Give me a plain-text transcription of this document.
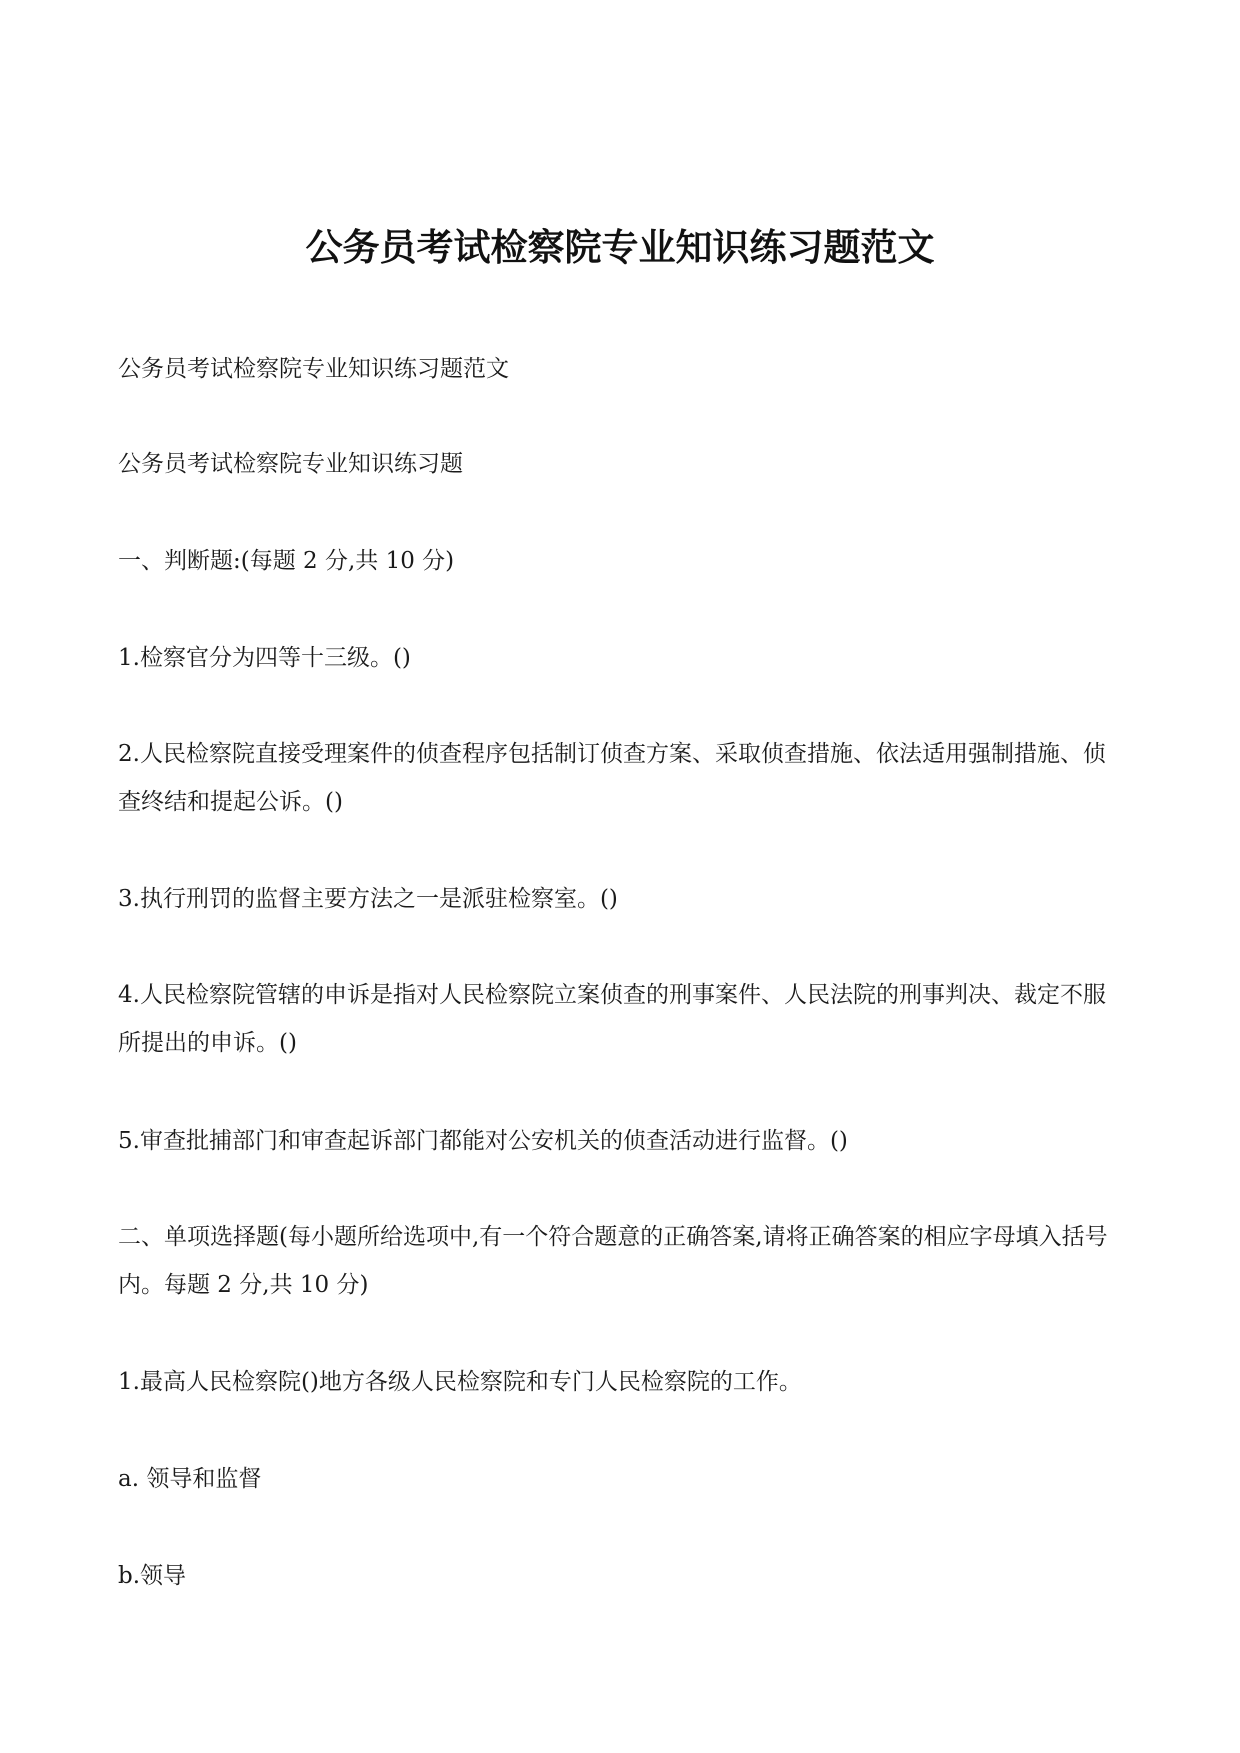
公务员考试检察院专业知识练习题范文

公务员考试检察院专业知识练习题范文

公务员考试检察院专业知识练习题

一、判断题:(每题 2 分,共 10 分)

1.检察官分为四等十三级。()

2.人民检察院直接受理案件的侦查程序包括制订侦查方案、采取侦查措施、依法适用强制措施、侦查终结和提起公诉。()

3.执行刑罚的监督主要方法之一是派驻检察室。()

4.人民检察院管辖的申诉是指对人民检察院立案侦查的刑事案件、人民法院的刑事判决、裁定不服所提出的申诉。()

5.审查批捕部门和审查起诉部门都能对公安机关的侦查活动进行监督。()

二、单项选择题(每小题所给选项中,有一个符合题意的正确答案,请将正确答案的相应字母填入括号内。每题 2 分,共 10 分)

1.最高人民检察院()地方各级人民检察院和专门人民检察院的工作。

a. 领导和监督

b.领导
